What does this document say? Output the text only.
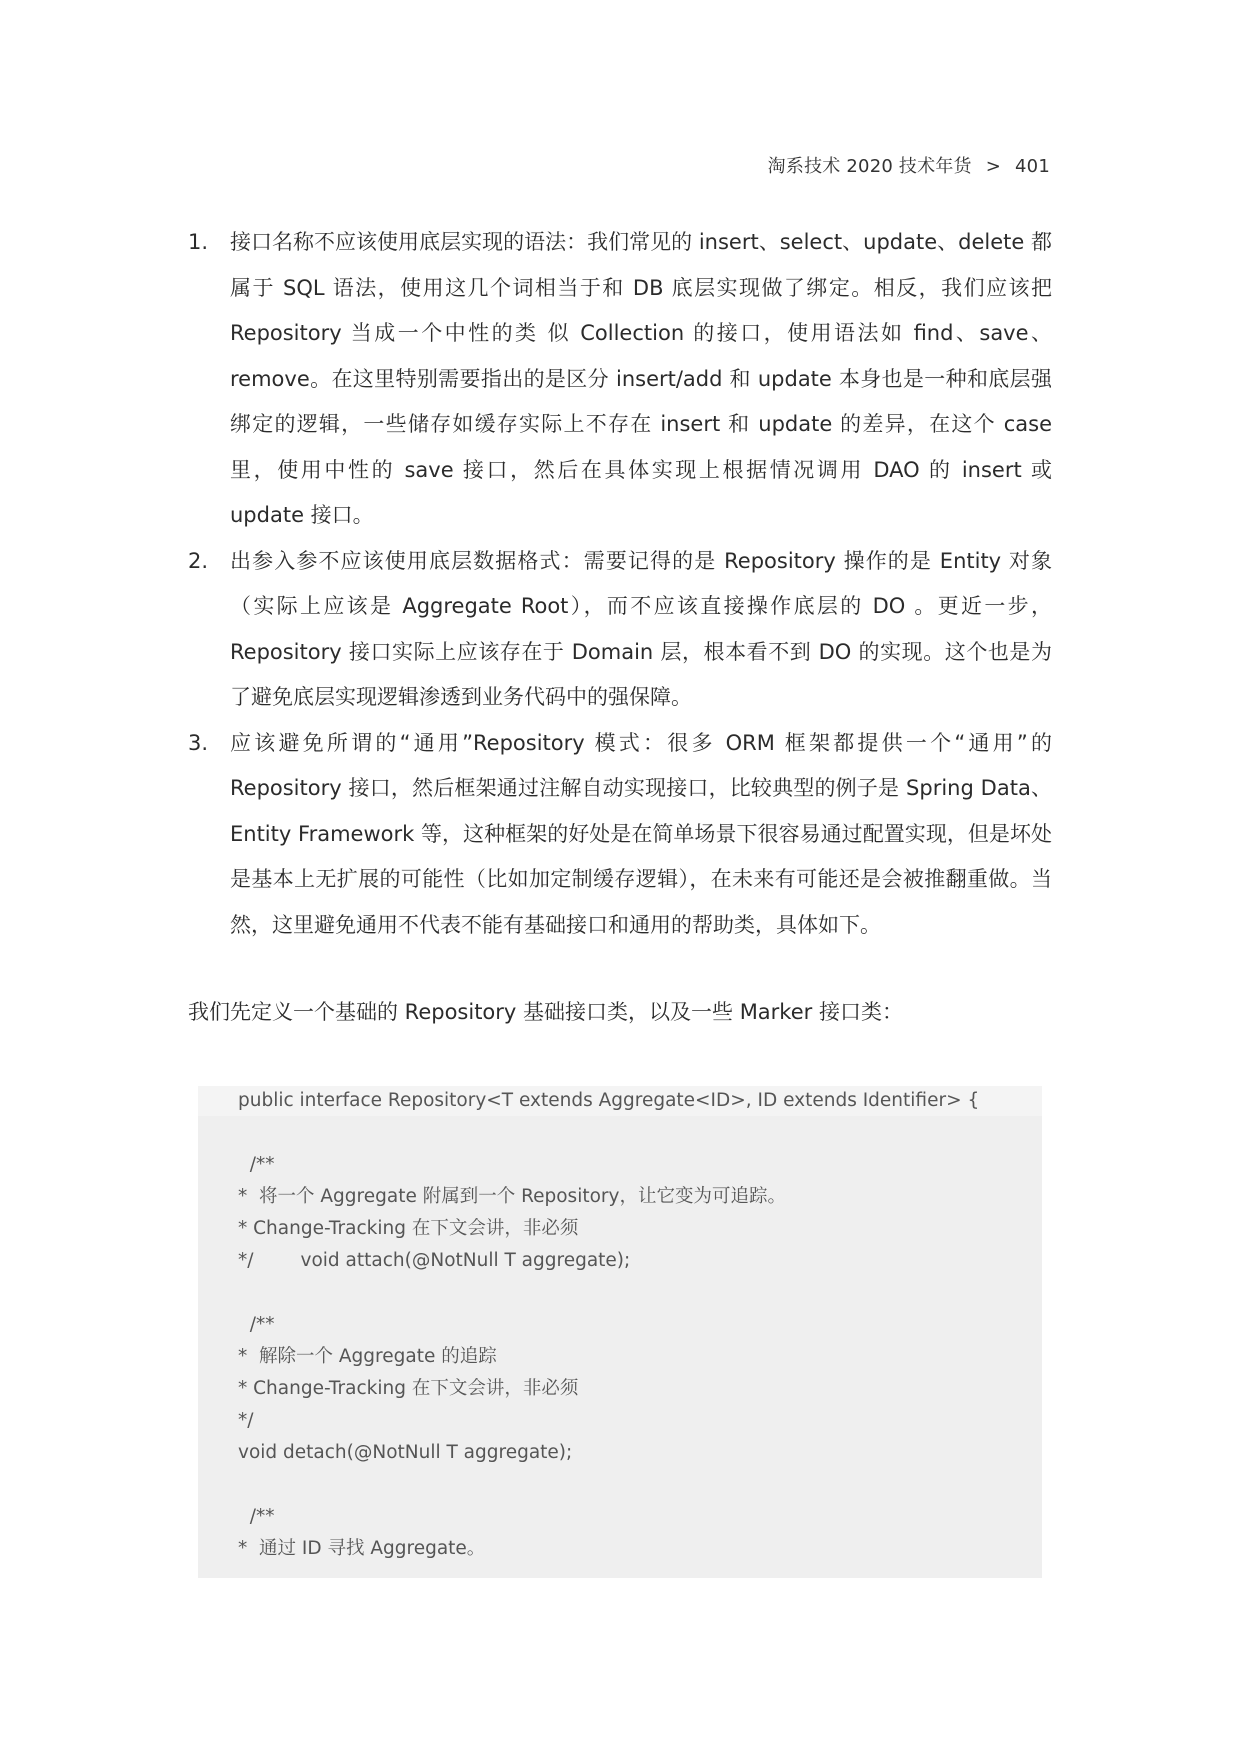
淘系技术 2020 技术年货 > 401
1. 接口名称不应该使用底层实现的语法：我们常见的 insert、select、update、delete 都属于 SQL 语法，使用这几个词相当于和 DB 底层实现做了绑定。相反，我们应该把 Repository 当成一个中性的类 似 Collection 的接口，使用语法如 find、save、remove。在这里特别需要指出的是区分 insert/add 和 update 本身也是一种和底层强绑定的逻辑，一些储存如缓存实际上不存在 insert 和 update 的差异，在这个 case 里，使用中性的 save 接口，然后在具体实现上根据情况调用 DAO 的 insert 或 update 接口。
2. 出参入参不应该使用底层数据格式：需要记得的是 Repository 操作的是 Entity 对象（实际上应该是 Aggregate Root），而不应该直接操作底层的 DO 。更近一步，Repository 接口实际上应该存在于 Domain 层，根本看不到 DO 的实现。这个也是为了避免底层实现逻辑渗透到业务代码中的强保障。
3. 应该避免所谓的“通用”Repository 模式：很多 ORM 框架都提供一个“通用”的 Repository 接口，然后框架通过注解自动实现接口，比较典型的例子是 Spring Data、Entity Framework 等，这种框架的好处是在简单场景下很容易通过配置实现，但是坏处是基本上无扩展的可能性（比如加定制缓存逻辑），在未来有可能还是会被推翻重做。当然，这里避免通用不代表不能有基础接口和通用的帮助类，具体如下。

我们先定义一个基础的 Repository 基础接口类，以及一些 Marker 接口类：

public interface Repository<T extends Aggregate<ID>, ID extends Identifier> {
/**
*  将一个 Aggregate 附属到一个 Repository，让它变为可追踪。
* Change-Tracking 在下文会讲，非必须
*/        void attach(@NotNull T aggregate);
/**
*  解除一个 Aggregate 的追踪
* Change-Tracking 在下文会讲，非必须
*/
void detach(@NotNull T aggregate);
/**
*  通过 ID 寻找 Aggregate。
